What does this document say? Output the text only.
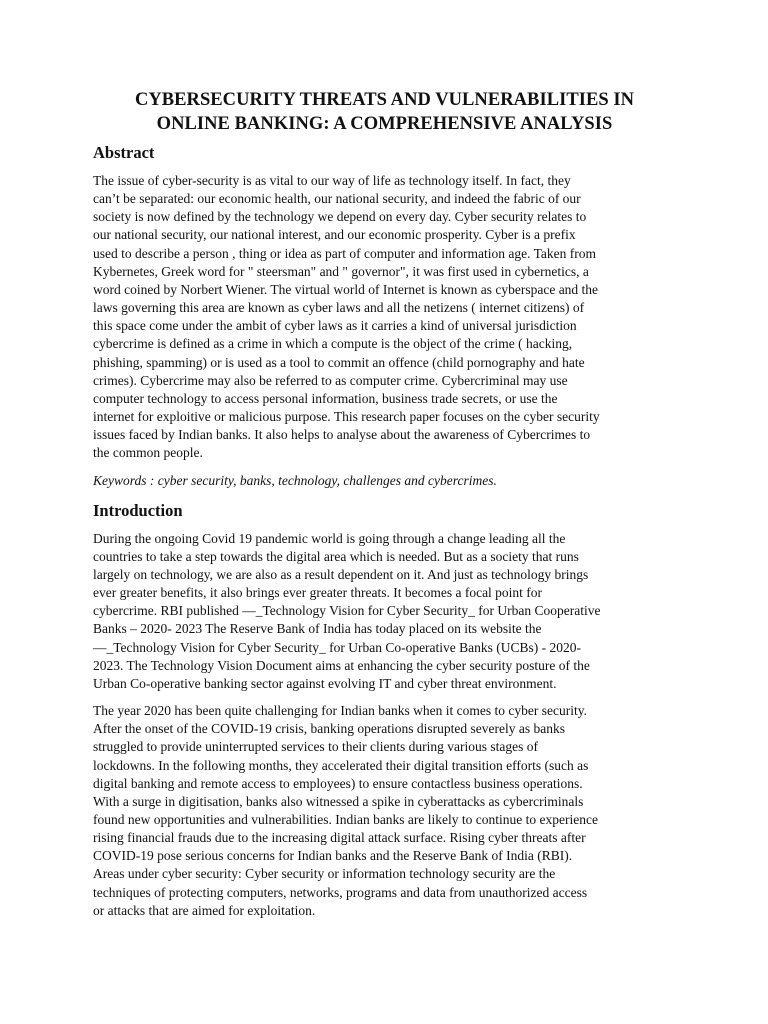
CYBERSECURITY THREATS AND VULNERABILITIES IN
ONLINE BANKING: A COMPREHENSIVE ANALYSIS
Abstract

The issue of cyber-security is as vital to our way of life as technology itself. In fact, they
can’t be separated: our economic health, our national security, and indeed the fabric of our
society is now defined by the technology we depend on every day. Cyber security relates to
our national security, our national interest, and our economic prosperity. Cyber is a prefix
used to describe a person , thing or idea as part of computer and information age. Taken from
Kybernetes, Greek word for " steersman" and " governor", it was first used in cybernetics, a
word coined by Norbert Wiener. The virtual world of Internet is known as cyberspace and the
laws governing this area are known as cyber laws and all the netizens ( internet citizens) of
this space come under the ambit of cyber laws as it carries a kind of universal jurisdiction
cybercrime is defined as a crime in which a compute is the object of the crime ( hacking,
phishing, spamming) or is used as a tool to commit an offence (child pornography and hate
crimes). Cybercrime may also be referred to as computer crime. Cybercriminal may use
computer technology to access personal information, business trade secrets, or use the
internet for exploitive or malicious purpose. This research paper focuses on the cyber security
issues faced by Indian banks. It also helps to analyse about the awareness of Cybercrimes to
the common people.

Keywords : cyber security, banks, technology, challenges and cybercrimes.

Introduction

During the ongoing Covid 19 pandemic world is going through a change leading all the
countries to take a step towards the digital area which is needed. But as a society that runs
largely on technology, we are also as a result dependent on it. And just as technology brings
ever greater benefits, it also brings ever greater threats. It becomes a focal point for
cybercrime. RBI published —_Technology Vision for Cyber Security_ for Urban Cooperative
Banks – 2020- 2023 The Reserve Bank of India has today placed on its website the
—_Technology Vision for Cyber Security_ for Urban Co-operative Banks (UCBs) - 2020-
2023. The Technology Vision Document aims at enhancing the cyber security posture of the
Urban Co-operative banking sector against evolving IT and cyber threat environment.

The year 2020 has been quite challenging for Indian banks when it comes to cyber security.
After the onset of the COVID-19 crisis, banking operations disrupted severely as banks
struggled to provide uninterrupted services to their clients during various stages of
lockdowns. In the following months, they accelerated their digital transition efforts (such as
digital banking and remote access to employees) to ensure contactless business operations.
With a surge in digitisation, banks also witnessed a spike in cyberattacks as cybercriminals
found new opportunities and vulnerabilities. Indian banks are likely to continue to experience
rising financial frauds due to the increasing digital attack surface. Rising cyber threats after
COVID-19 pose serious concerns for Indian banks and the Reserve Bank of India (RBI).
Areas under cyber security: Cyber security or information technology security are the
techniques of protecting computers, networks, programs and data from unauthorized access
or attacks that are aimed for exploitation.
